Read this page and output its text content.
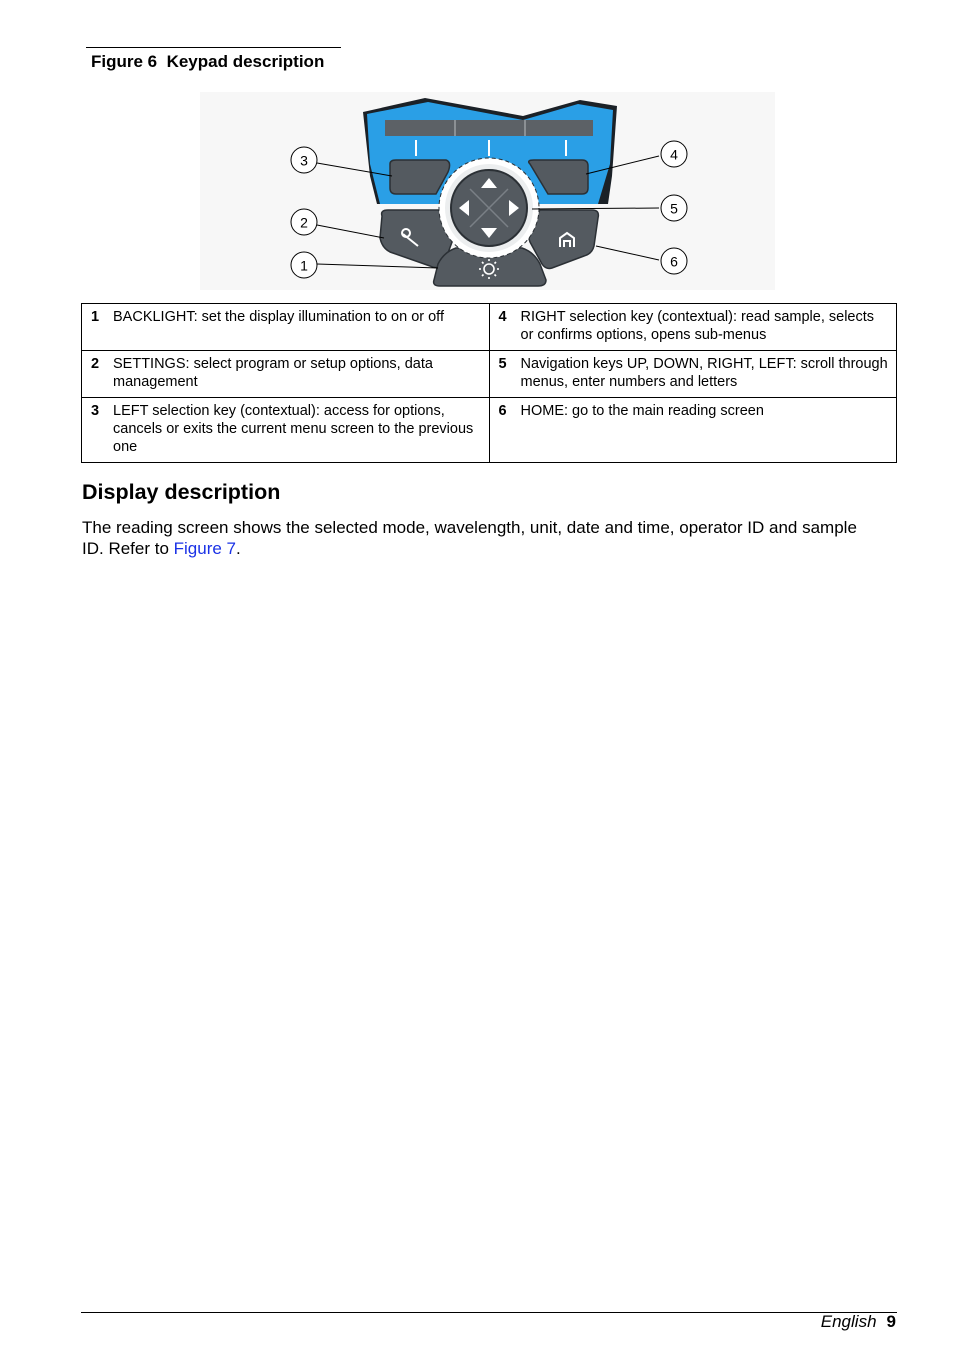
Figure 6  Keypad description
1
2
3	4
5
6
1 BACKLIGHT: set the display illumination to on or off	4 RIGHT selection key (contextual): read sample, selects or confirms options, opens sub-menus
2 SETTINGS: select program or setup options, data management	5 Navigation keys UP, DOWN, RIGHT, LEFT: scroll through menus, enter numbers and letters
3 LEFT selection key (contextual): access for options, cancels or exits the current menu screen to the previous one	6 HOME: go to the main reading screen
Display description

The reading screen shows the selected mode, wavelength, unit, date and time, operator ID and sample ID. Refer to Figure 7.

English 9
